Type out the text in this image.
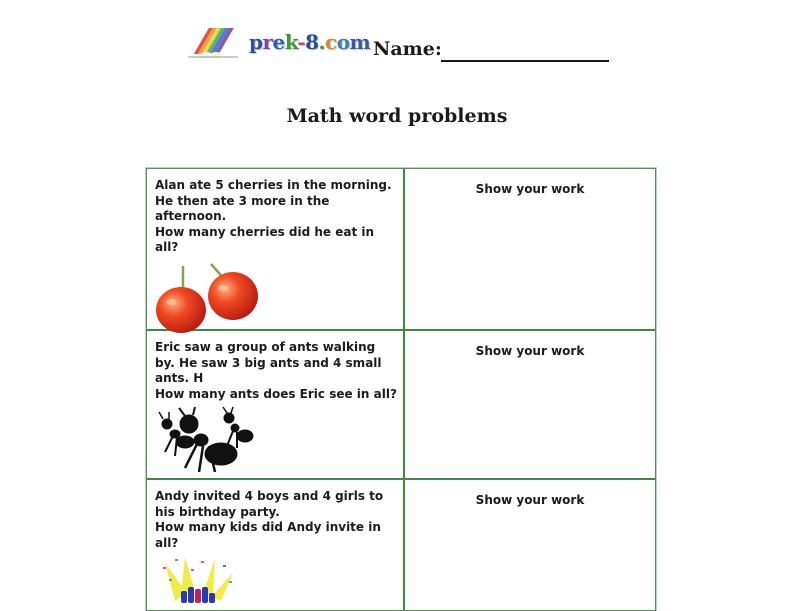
prek-8.com Name:
Math word problems
Alan ate 5 cherries in the morning.
He then ate 3 more in the
afternoon.
How many cherries did he eat in
all?
Show your work
Eric saw a group of ants walking
by. He saw 3 big ants and 4 small
ants. H
How many ants does Eric see in all?
Show your work
Andy invited 4 boys and 4 girls to
his birthday party.
How many kids did Andy invite in
all?
Show your work
